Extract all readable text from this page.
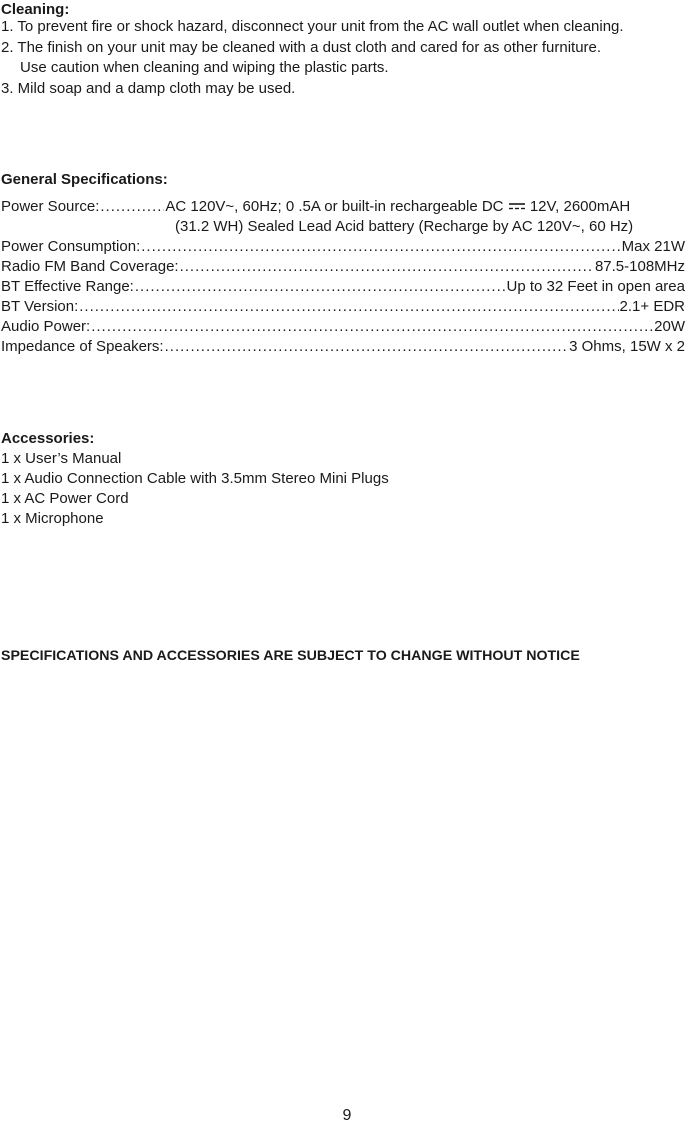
Cleaning:
1. To prevent fire or shock hazard, disconnect your unit from the AC wall outlet when cleaning.
2. The finish on your unit may be cleaned with a dust cloth and cared for as other furniture.
Use caution when cleaning and wiping the plastic parts.
3. Mild soap and a damp cloth may be used.
General Specifications:
Power Source: .....	AC 120V~, 60Hz; 0 .5A or built-in rechargeable DC 12V, 2600mAH
(31.2 WH) Sealed Lead Acid battery (Recharge by AC 120V~, 60 Hz)
Power Consumption: .....	Max 21W
Radio FM Band Coverage: .....	87.5-108MHz
BT Effective Range: .....	Up to 32 Feet in open area
BT Version: .....	2.1+ EDR
Audio Power: .....	20W
Impedance of Speakers: .....	3 Ohms, 15W x 2
Accessories:
1 x User’s Manual
1 x Audio Connection Cable with 3.5mm Stereo Mini Plugs
1 x AC Power Cord
1 x Microphone
SPECIFICATIONS AND ACCESSORIES ARE SUBJECT TO CHANGE WITHOUT NOTICE
9
